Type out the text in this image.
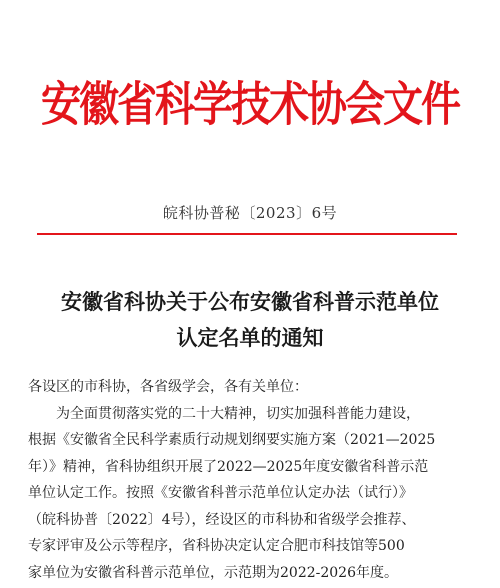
安徽省科学技术协会文件
皖科协普秘〔2023〕6号
安徽省科协关于公布安徽省科普示范单位
认定名单的通知
各设区的市科协，各省级学会，各有关单位：
为全面贯彻落实党的二十大精神，切实加强科普能力建设，
根据《安徽省全民科学素质行动规划纲要实施方案（2021—2025
年）》精神，省科协组织开展了2022—2025年度安徽省科普示范
单位认定工作。按照《安徽省科普示范单位认定办法（试行）》
（皖科协普〔2022〕4号），经设区的市科协和省级学会推荐、
专家评审及公示等程序，省科协决定认定合肥市科技馆等500
家单位为安徽省科普示范单位，示范期为2022-2026年度。
